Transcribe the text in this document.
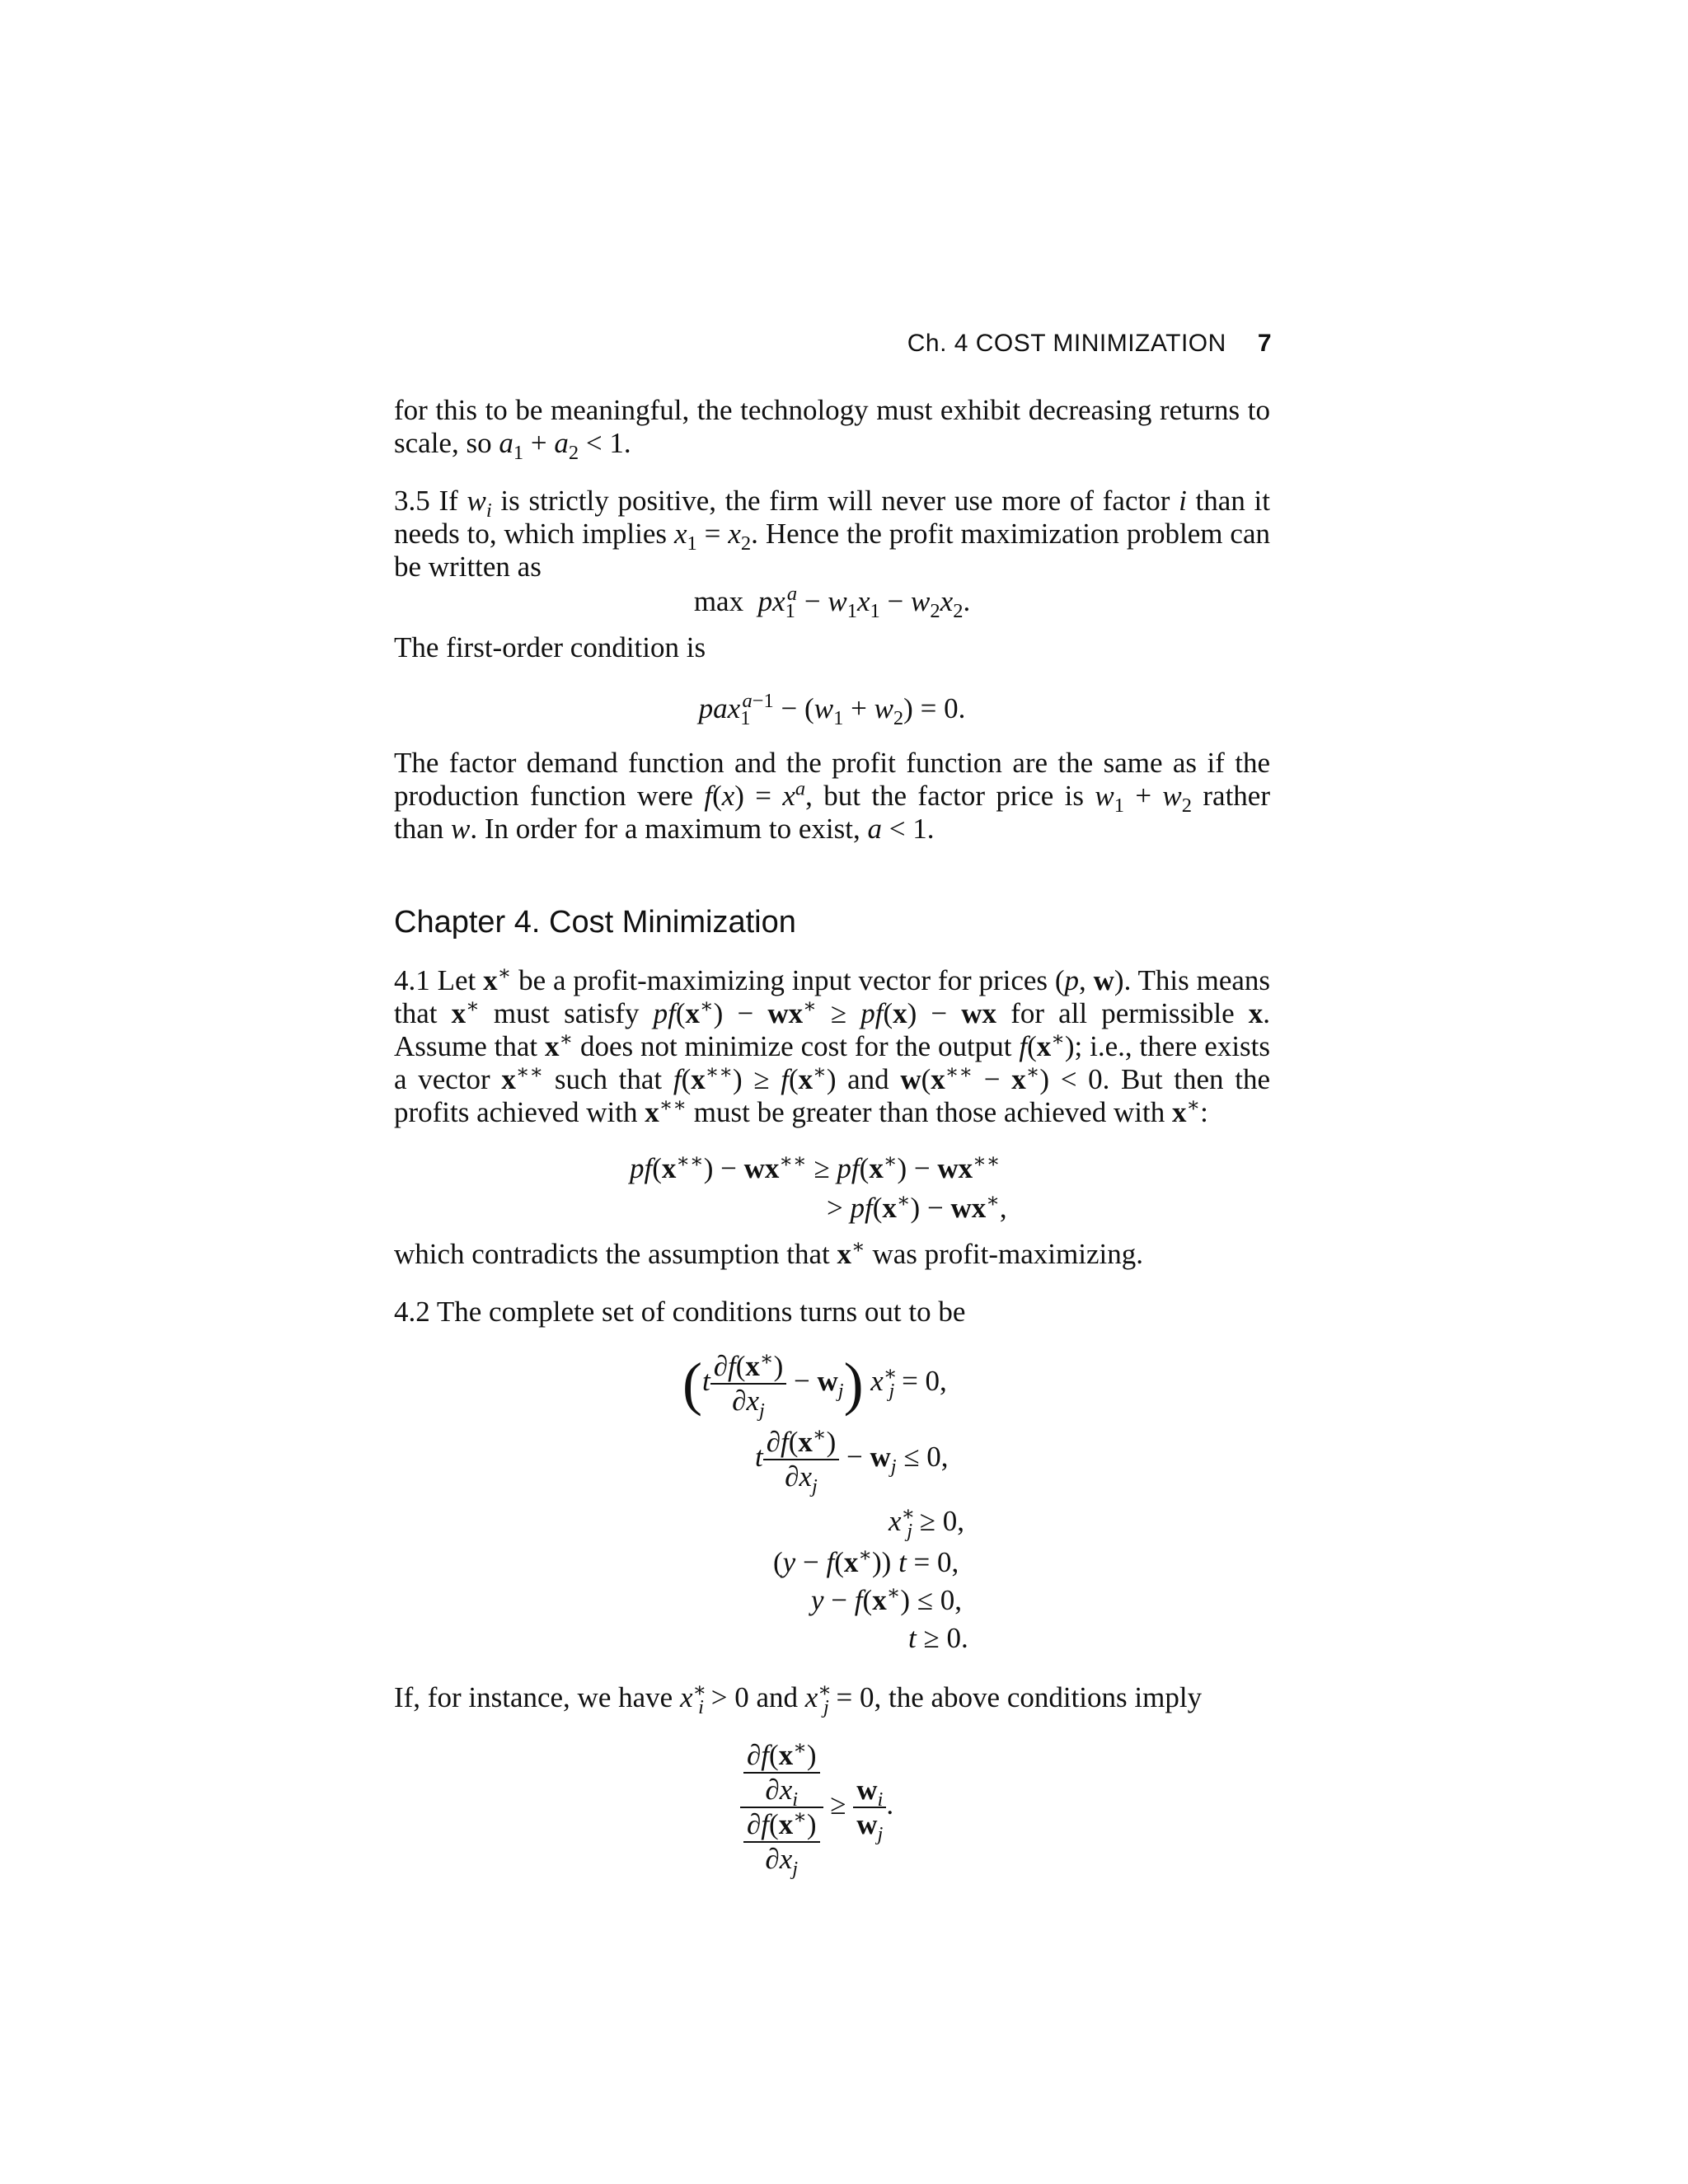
Ch. 4 COST MINIMIZATION 7
for this to be meaningful, the technology must exhibit decreasing returns to scale, so $a_1 + a_2 < 1$.
3.5 If $w_i$ is strictly positive, the firm will never use more of factor i than it needs to, which implies $x_1 = x_2$. Hence the profit maximization problem can be written as
$\max px_1^a - w_1x_1 - w_2x_2$.
The first-order condition is
$pax_1^{a-1} - (w_1 + w_2) = 0$.
The factor demand function and the profit function are the same as if the production function were $f(x) = x^a$, but the factor price is $w_1 + w_2$ rather than w. In order for a maximum to exist, a < 1.
Chapter 4. Cost Minimization
4.1 Let x∗ be a profit-maximizing input vector for prices (p, w). This means that x∗ must satisfy pf(x∗) − wx∗ ≥ pf(x) − wx for all permissible x. Assume that x∗ does not minimize cost for the output f(x∗); i.e., there exists a vector x∗∗ such that f(x∗∗) ≥ f(x∗) and w(x∗∗ − x∗) < 0. But then the profits achieved with x∗∗ must be greater than those achieved with x∗:
pf(x∗∗) − wx∗∗ ≥ pf(x∗) − wx∗∗
> pf(x∗) − wx∗,
which contradicts the assumption that x∗ was profit-maximizing.
4.2 The complete set of conditions turns out to be
$(t \frac{\partial f(x^∗)}{\partial x_j} - w_j)$ $x^∗_j = 0$,
t $\frac{\partial f(x^∗)}{\partial x_j} - w_j \le 0$,
$x^∗_j \ge 0$,
(y − f(x∗)) t = 0,
y − f(x∗) ≤ 0,
t ≥ 0.
If, for instance, we have $x^∗_i > 0$ and $x^∗_j = 0$, the above conditions imply
∂f(x∗)
$\partial x_i$
∂f(x∗)
$\partial x_j \ge \frac{w_i}{w_j}$ .
